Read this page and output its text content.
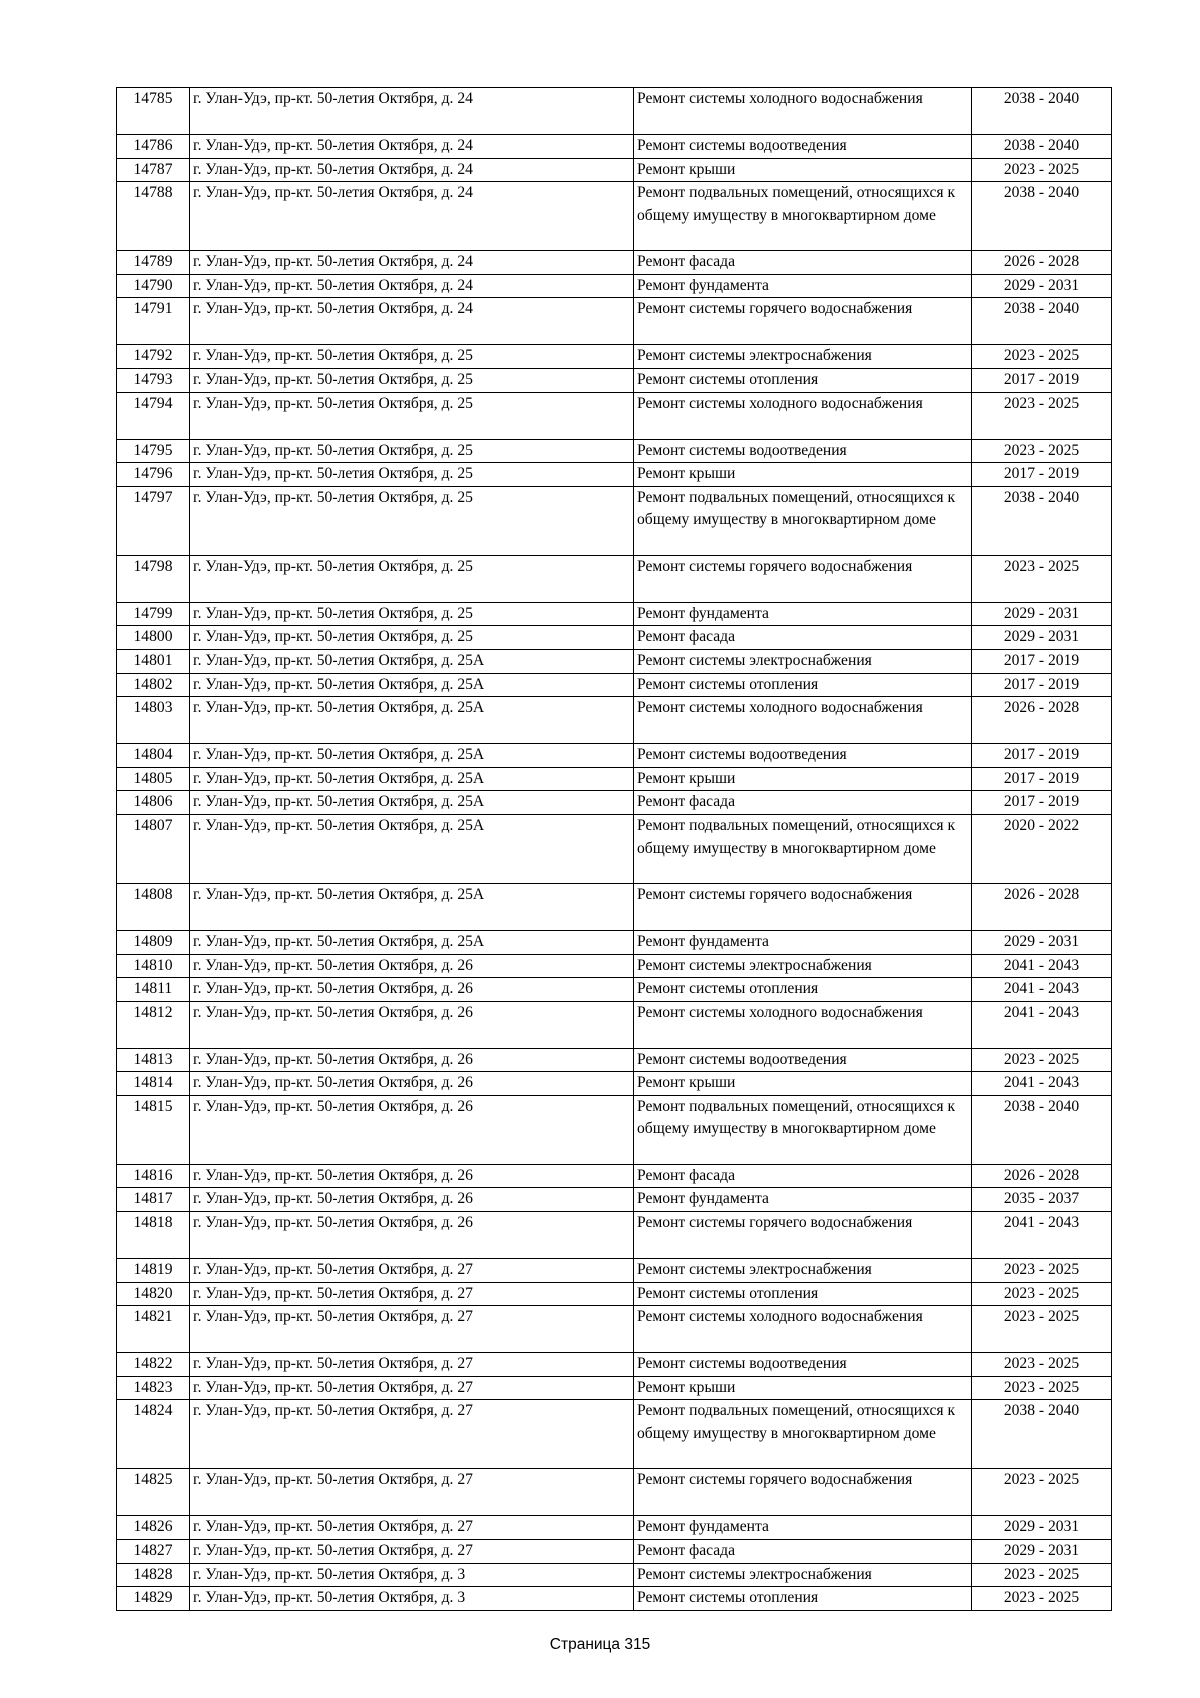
14785	г. Улан-Удэ, пр-кт. 50-летия Октября, д. 24	Ремонт системы холодного водоснабжения	2038 - 2040
14786	г. Улан-Удэ, пр-кт. 50-летия Октября, д. 24	Ремонт системы водоотведения	2038 - 2040
14787	г. Улан-Удэ, пр-кт. 50-летия Октября, д. 24	Ремонт крыши	2023 - 2025
14788	г. Улан-Удэ, пр-кт. 50-летия Октября, д. 24	Ремонт подвальных помещений, относящихся к общему имуществу в многоквартирном доме	2038 - 2040
14789	г. Улан-Удэ, пр-кт. 50-летия Октября, д. 24	Ремонт фасада	2026 - 2028
14790	г. Улан-Удэ, пр-кт. 50-летия Октября, д. 24	Ремонт фундамента	2029 - 2031
14791	г. Улан-Удэ, пр-кт. 50-летия Октября, д. 24	Ремонт системы горячего водоснабжения	2038 - 2040
14792	г. Улан-Удэ, пр-кт. 50-летия Октября, д. 25	Ремонт системы электроснабжения	2023 - 2025
14793	г. Улан-Удэ, пр-кт. 50-летия Октября, д. 25	Ремонт системы отопления	2017 - 2019
14794	г. Улан-Удэ, пр-кт. 50-летия Октября, д. 25	Ремонт системы холодного водоснабжения	2023 - 2025
14795	г. Улан-Удэ, пр-кт. 50-летия Октября, д. 25	Ремонт системы водоотведения	2023 - 2025
14796	г. Улан-Удэ, пр-кт. 50-летия Октября, д. 25	Ремонт крыши	2017 - 2019
14797	г. Улан-Удэ, пр-кт. 50-летия Октября, д. 25	Ремонт подвальных помещений, относящихся к общему имуществу в многоквартирном доме	2038 - 2040
14798	г. Улан-Удэ, пр-кт. 50-летия Октября, д. 25	Ремонт системы горячего водоснабжения	2023 - 2025
14799	г. Улан-Удэ, пр-кт. 50-летия Октября, д. 25	Ремонт фундамента	2029 - 2031
14800	г. Улан-Удэ, пр-кт. 50-летия Октября, д. 25	Ремонт фасада	2029 - 2031
14801	г. Улан-Удэ, пр-кт. 50-летия Октября, д. 25А	Ремонт системы электроснабжения	2017 - 2019
14802	г. Улан-Удэ, пр-кт. 50-летия Октября, д. 25А	Ремонт системы отопления	2017 - 2019
14803	г. Улан-Удэ, пр-кт. 50-летия Октября, д. 25А	Ремонт системы холодного водоснабжения	2026 - 2028
14804	г. Улан-Удэ, пр-кт. 50-летия Октября, д. 25А	Ремонт системы водоотведения	2017 - 2019
14805	г. Улан-Удэ, пр-кт. 50-летия Октября, д. 25А	Ремонт крыши	2017 - 2019
14806	г. Улан-Удэ, пр-кт. 50-летия Октября, д. 25А	Ремонт фасада	2017 - 2019
14807	г. Улан-Удэ, пр-кт. 50-летия Октября, д. 25А	Ремонт подвальных помещений, относящихся к общему имуществу в многоквартирном доме	2020 - 2022
14808	г. Улан-Удэ, пр-кт. 50-летия Октября, д. 25А	Ремонт системы горячего водоснабжения	2026 - 2028
14809	г. Улан-Удэ, пр-кт. 50-летия Октября, д. 25А	Ремонт фундамента	2029 - 2031
14810	г. Улан-Удэ, пр-кт. 50-летия Октября, д. 26	Ремонт системы электроснабжения	2041 - 2043
14811	г. Улан-Удэ, пр-кт. 50-летия Октября, д. 26	Ремонт системы отопления	2041 - 2043
14812	г. Улан-Удэ, пр-кт. 50-летия Октября, д. 26	Ремонт системы холодного водоснабжения	2041 - 2043
14813	г. Улан-Удэ, пр-кт. 50-летия Октября, д. 26	Ремонт системы водоотведения	2023 - 2025
14814	г. Улан-Удэ, пр-кт. 50-летия Октября, д. 26	Ремонт крыши	2041 - 2043
14815	г. Улан-Удэ, пр-кт. 50-летия Октября, д. 26	Ремонт подвальных помещений, относящихся к общему имуществу в многоквартирном доме	2038 - 2040
14816	г. Улан-Удэ, пр-кт. 50-летия Октября, д. 26	Ремонт фасада	2026 - 2028
14817	г. Улан-Удэ, пр-кт. 50-летия Октября, д. 26	Ремонт фундамента	2035 - 2037
14818	г. Улан-Удэ, пр-кт. 50-летия Октября, д. 26	Ремонт системы горячего водоснабжения	2041 - 2043
14819	г. Улан-Удэ, пр-кт. 50-летия Октября, д. 27	Ремонт системы электроснабжения	2023 - 2025
14820	г. Улан-Удэ, пр-кт. 50-летия Октября, д. 27	Ремонт системы отопления	2023 - 2025
14821	г. Улан-Удэ, пр-кт. 50-летия Октября, д. 27	Ремонт системы холодного водоснабжения	2023 - 2025
14822	г. Улан-Удэ, пр-кт. 50-летия Октября, д. 27	Ремонт системы водоотведения	2023 - 2025
14823	г. Улан-Удэ, пр-кт. 50-летия Октября, д. 27	Ремонт крыши	2023 - 2025
14824	г. Улан-Удэ, пр-кт. 50-летия Октября, д. 27	Ремонт подвальных помещений, относящихся к общему имуществу в многоквартирном доме	2038 - 2040
14825	г. Улан-Удэ, пр-кт. 50-летия Октября, д. 27	Ремонт системы горячего водоснабжения	2023 - 2025
14826	г. Улан-Удэ, пр-кт. 50-летия Октября, д. 27	Ремонт фундамента	2029 - 2031
14827	г. Улан-Удэ, пр-кт. 50-летия Октября, д. 27	Ремонт фасада	2029 - 2031
14828	г. Улан-Удэ, пр-кт. 50-летия Октября, д. 3	Ремонт системы электроснабжения	2023 - 2025
14829	г. Улан-Удэ, пр-кт. 50-летия Октября, д. 3	Ремонт системы отопления	2023 - 2025
Страница 315
